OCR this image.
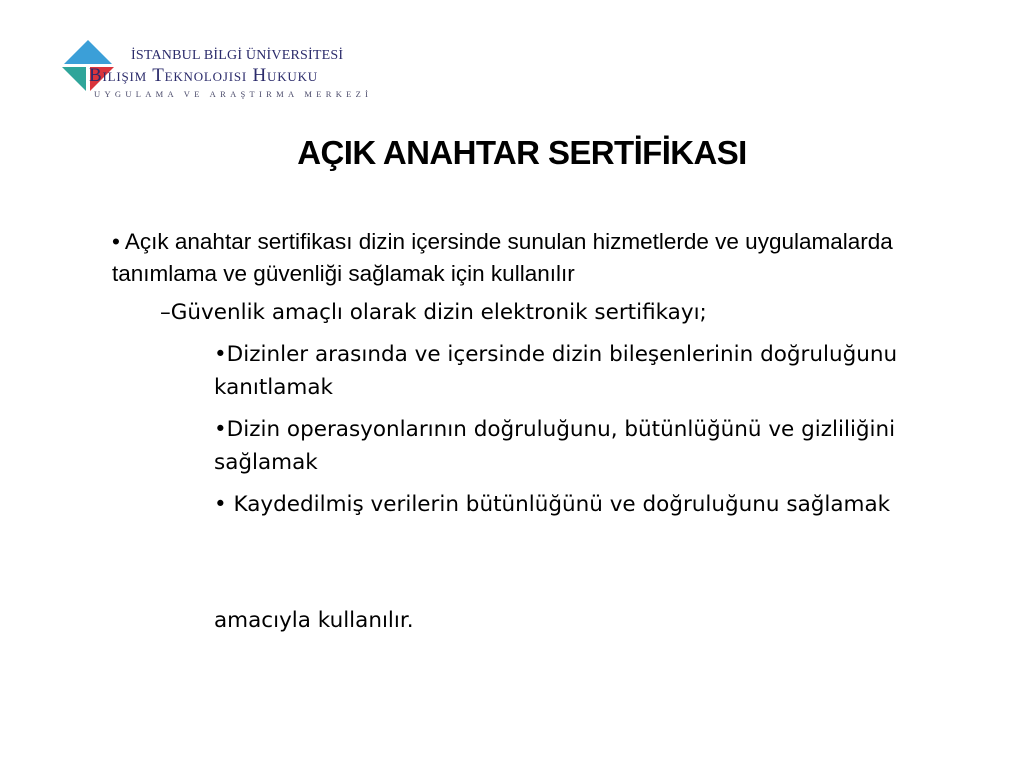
İSTANBUL BİLGİ ÜNİVERSİTESİ
Bilişim Teknolojisi Hukuku
UYGULAMA VE ARAŞTIRMA MERKEZİ
AÇIK ANAHTAR SERTİFİKASI
• Açık anahtar sertifikası dizin içersinde sunulan hizmetlerde ve uygulamalarda tanımlama ve güvenliği sağlamak için kullanılır
–Güvenlik amaçlı olarak dizin elektronik sertifikayı;
•Dizinler arasında ve içersinde dizin bileşenlerinin doğruluğunu kanıtlamak
•Dizin operasyonlarının doğruluğunu, bütünlüğünü ve gizliliğini sağlamak
• Kaydedilmiş verilerin bütünlüğünü ve doğruluğunu sağlamak
amacıyla kullanılır.
